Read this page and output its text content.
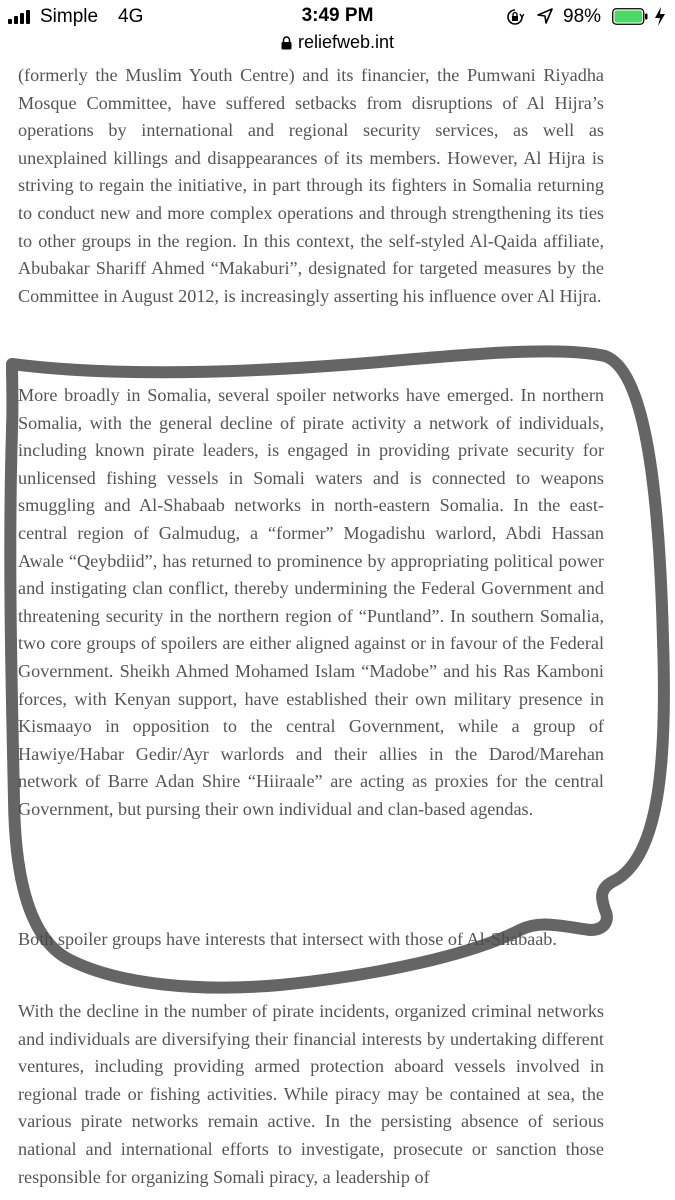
Simple 4G	3:49 PM	98%
reliefweb.int

(formerly the Muslim Youth Centre) and its financier, the Pumwani Riyadha Mosque Committee, have suffered setbacks from disruptions of Al Hijra’s operations by international and regional security services, as well as unexplained killings and disappearances of its members. However, Al Hijra is striving to regain the initiative, in part through its fighters in Somalia returning to conduct new and more complex operations and through strengthening its ties to other groups in the region. In this context, the self-styled Al-Qaida affiliate, Abubakar Shariff Ahmed “Makaburi”, designated for targeted measures by the Committee in August 2012, is increasingly asserting his influence over Al Hijra.

More broadly in Somalia, several spoiler networks have emerged. In northern Somalia, with the general decline of pirate activity a network of individuals, including known pirate leaders, is engaged in providing private security for unlicensed fishing vessels in Somali waters and is connected to weapons smuggling and Al-Shabaab networks in north-eastern Somalia. In the east-central region of Galmudug, a “former” Mogadishu warlord, Abdi Hassan Awale “Qeybdiid”, has returned to prominence by appropriating political power and instigating clan conflict, thereby undermining the Federal Government and threatening security in the northern region of “Puntland”. In southern Somalia, two core groups of spoilers are either aligned against or in favour of the Federal Government. Sheikh Ahmed Mohamed Islam “Madobe” and his Ras Kamboni forces, with Kenyan support, have established their own military presence in Kismaayo in opposition to the central Government, while a group of Hawiye/Habar Gedir/Ayr warlords and their allies in the Darod/Marehan network of Barre Adan Shire “Hiiraale” are acting as proxies for the central Government, but pursing their own individual and clan-based agendas.

Both spoiler groups have interests that intersect with those of Al-Shabaab.

With the decline in the number of pirate incidents, organized criminal networks and individuals are diversifying their financial interests by undertaking different ventures, including providing armed protection aboard vessels involved in regional trade or fishing activities. While piracy may be contained at sea, the various pirate networks remain active. In the persisting absence of serious national and international efforts to investigate, prosecute or sanction those responsible for organizing Somali piracy, a leadership of
